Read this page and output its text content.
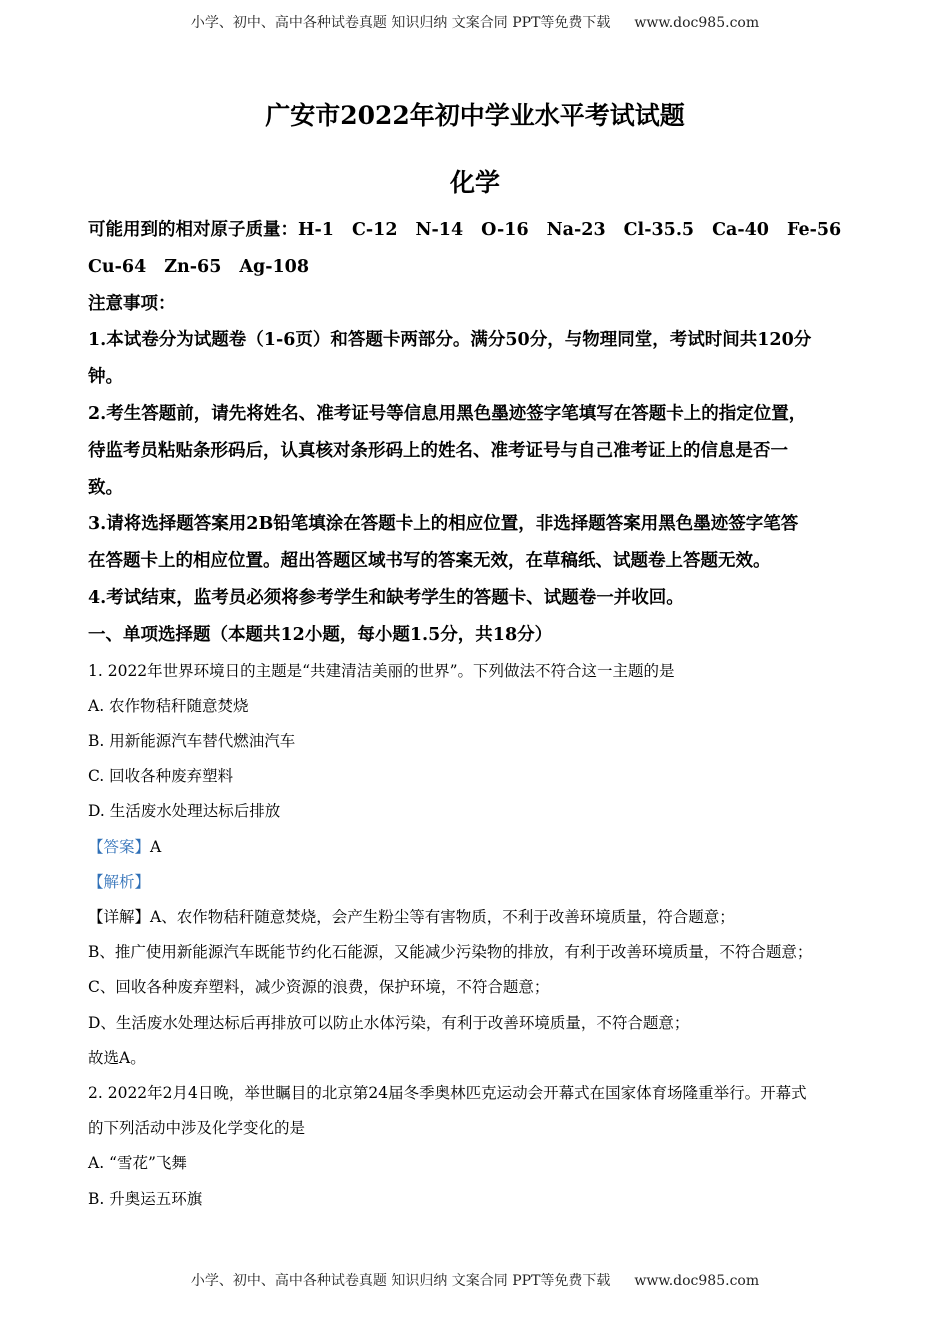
小学、初中、高中各种试卷真题 知识归纳 文案合同 PPT等免费下载 www.doc985.com
广安市2022年初中学业水平考试试题
化学
可能用到的相对原子质量：H-1 C-12 N-14 O-16 Na-23 Cl-35.5 Ca-40 Fe-56
Cu-64 Zn-65 Ag-108
注意事项：
1.本试卷分为试题卷（1-6页）和答题卡两部分。满分50分，与物理同堂，考试时间共120分
钟。
2.考生答题前，请先将姓名、准考证号等信息用黑色墨迹签字笔填写在答题卡上的指定位置，
待监考员粘贴条形码后，认真核对条形码上的姓名、准考证号与自己准考证上的信息是否一
致。
3.请将选择题答案用2B铅笔填涂在答题卡上的相应位置，非选择题答案用黑色墨迹签字笔答
在答题卡上的相应位置。超出答题区域书写的答案无效，在草稿纸、试题卷上答题无效。
4.考试结束，监考员必须将参考学生和缺考学生的答题卡、试题卷一并收回。
一、单项选择题（本题共12小题，每小题1.5分，共18分）
1. 2022年世界环境日的主题是“共建清洁美丽的世界”。下列做法不符合这一主题的是
A. 农作物秸秆随意焚烧
B. 用新能源汽车替代燃油汽车
C. 回收各种废弃塑料
D. 生活废水处理达标后排放
【答案】A
【解析】
【详解】A、农作物秸秆随意焚烧，会产生粉尘等有害物质，不利于改善环境质量，符合题意；
B、推广使用新能源汽车既能节约化石能源，又能减少污染物的排放，有利于改善环境质量，不符合题意；
C、回收各种废弃塑料，减少资源的浪费，保护环境，不符合题意；
D、生活废水处理达标后再排放可以防止水体污染，有利于改善环境质量，不符合题意；
故选A。
2. 2022年2月4日晚，举世瞩目的北京第24届冬季奥林匹克运动会开幕式在国家体育场隆重举行。开幕式
的下列活动中涉及化学变化的是
A. “雪花”飞舞
B. 升奥运五环旗
小学、初中、高中各种试卷真题 知识归纳 文案合同 PPT等免费下载 www.doc985.com
